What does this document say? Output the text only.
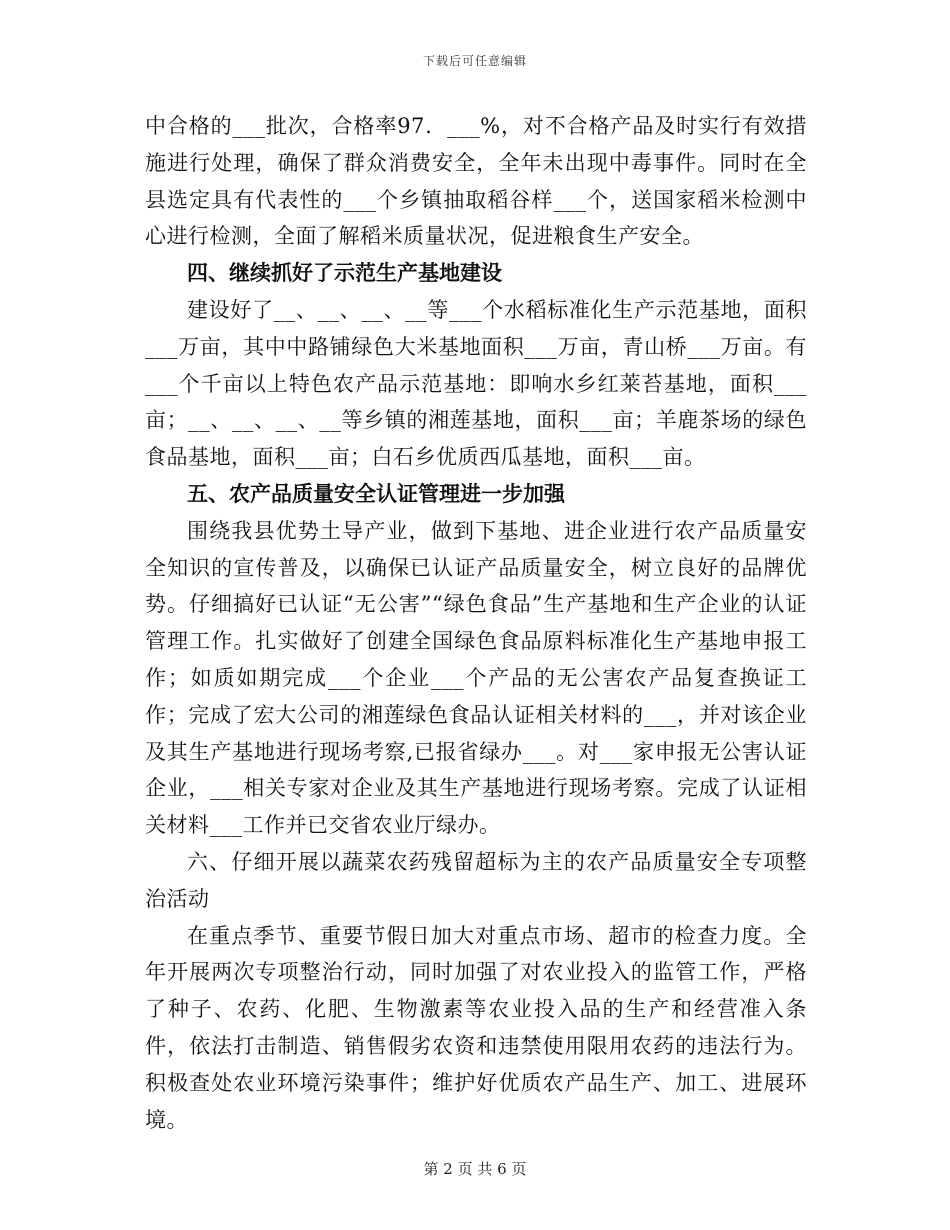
下载后可任意编辑

中合格的___批次，合格率97．___%，对不合格产品及时实行有效措施进行处理，确保了群众消费安全，全年未出现中毒事件。同时在全县选定具有代表性的___个乡镇抽取稻谷样___个，送国家稻米检测中心进行检测，全面了解稻米质量状况，促进粮食生产安全。

四、继续抓好了示范生产基地建设

建设好了__、__、__、__等___个水稻标准化生产示范基地，面积___万亩，其中中路铺绿色大米基地面积___万亩，青山桥___万亩。有___个千亩以上特色农产品示范基地：即响水乡红莱苔基地，面积___亩；__、__、__、__等乡镇的湘莲基地，面积___亩；羊鹿茶场的绿色食品基地，面积___亩；白石乡优质西瓜基地，面积___亩。

五、农产品质量安全认证管理进一步加强

围绕我县优势土导产业，做到下基地、进企业进行农产品质量安全知识的宣传普及，以确保已认证产品质量安全，树立良好的品牌优势。仔细搞好已认证“无公害”“绿色食品”生产基地和生产企业的认证管理工作。扎实做好了创建全国绿色食品原料标准化生产基地申报工作；如质如期完成___个企业___个产品的无公害农产品复查换证工作；完成了宏大公司的湘莲绿色食品认证相关材料的___，并对该企业及其生产基地进行现场考察,已报省绿办___。对___家申报无公害认证企业，___相关专家对企业及其生产基地进行现场考察。完成了认证相关材料___工作并已交省农业厅绿办。

六、仔细开展以蔬菜农药残留超标为主的农产品质量安全专项整治活动

在重点季节、重要节假日加大对重点市场、超市的检查力度。全年开展两次专项整治行动，同时加强了对农业投入的监管工作，严格了种子、农药、化肥、生物激素等农业投入品的生产和经营准入条件，依法打击制造、销售假劣农资和违禁使用限用农药的违法行为。积极查处农业环境污染事件；维护好优质农产品生产、加工、进展环境。

第 2 页 共 6 页
